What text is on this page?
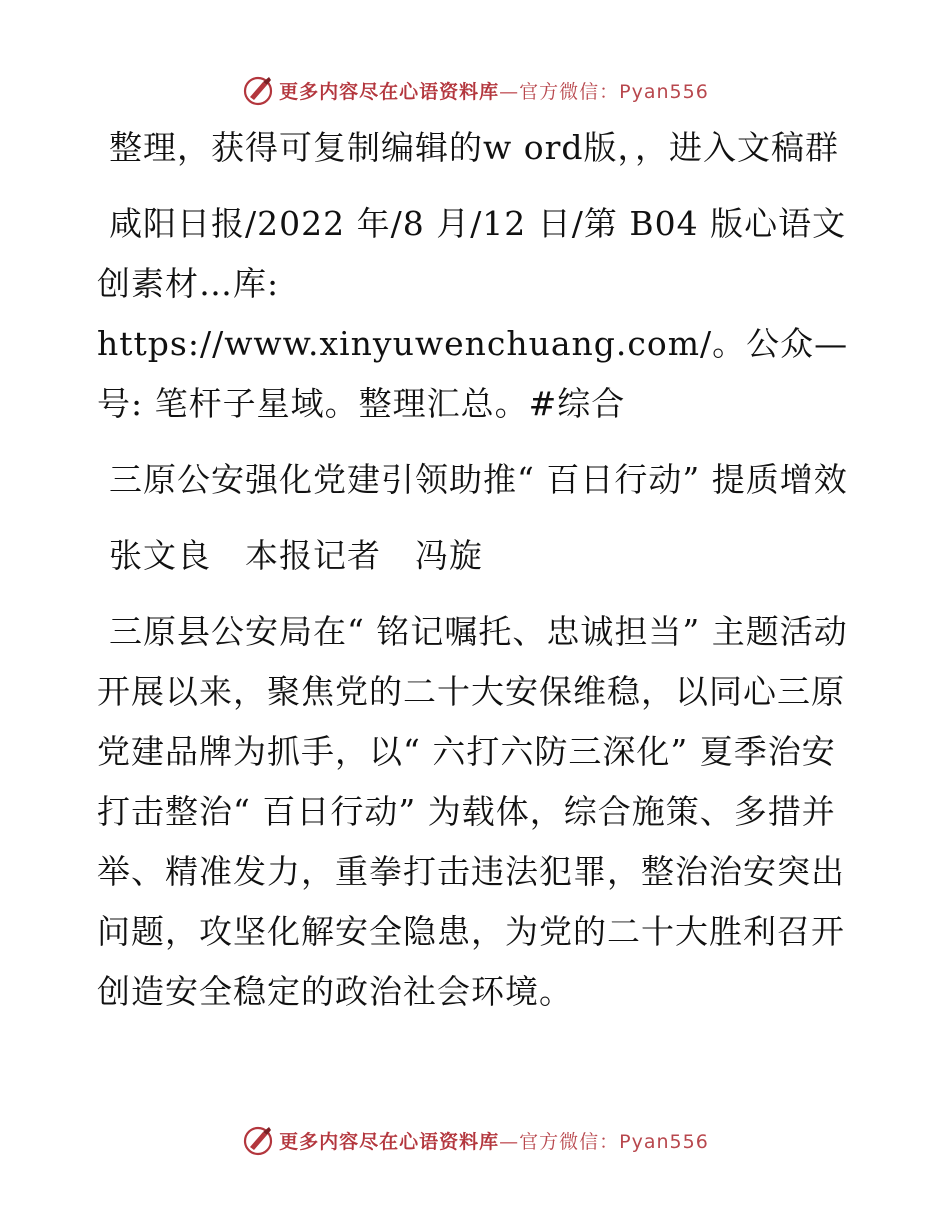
更多内容尽在心语资料库—官方微信：Pyan556

整理，获得可复制编辑的w ord版，，进入文稿群

咸阳日报/2022 年/8 月/12 日/第 B04 版心语文创素材…库: https://www.xinyuwenchuang.com/。公众—号: 笔杆子星域。整理汇总。#综合

三原公安强化党建引领助推“ 百日行动” 提质增效

张文良　本报记者　冯旋

三原县公安局在“ 铭记嘱托、忠诚担当” 主题活动开展以来，聚焦党的二十大安保维稳，以同心三原党建品牌为抓手，以“ 六打六防三深化” 夏季治安打击整治“ 百日行动” 为载体，综合施策、多措并举、精准发力，重拳打击违法犯罪，整治治安突出问题，攻坚化解安全隐患，为党的二十大胜利召开创造安全稳定的政治社会环境。

更多内容尽在心语资料库—官方微信：Pyan556
